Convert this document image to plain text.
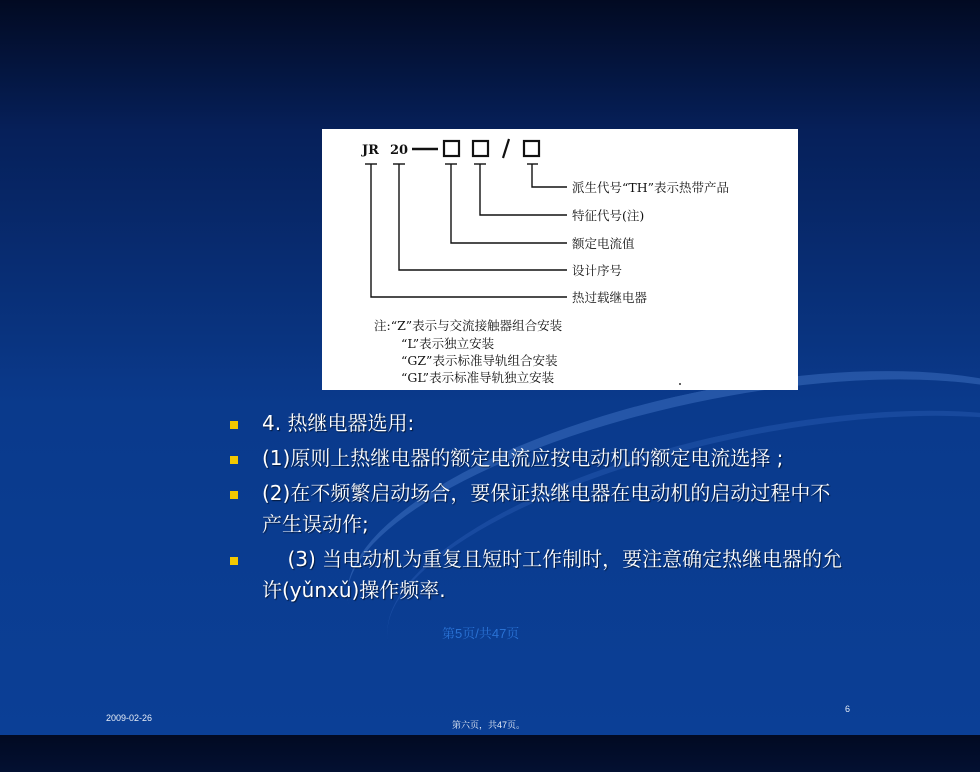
JR 20
派生代号“TH”表示热带产品
特征代号(注)
额定电流值
设计序号
热过载继电器
注:“Z”表示与交流接触器组合安装
“L”表示独立安装
“GZ”表示标准导轨组合安装
“GL”表示标准导轨独立安装
4. 热继电器选用:
(1)原则上热继电器的额定电流应按电动机的额定电流选择 ;
(2)在不频繁启动场合，要保证热继电器在电动机的启动过程中不产生误动作;
(3) 当电动机为重复且短时工作制时，要注意确定热继电器的允许(yǔnxǔ)操作频率.
第5页/共47页
2009-02-26
6
第六页，共47页。
